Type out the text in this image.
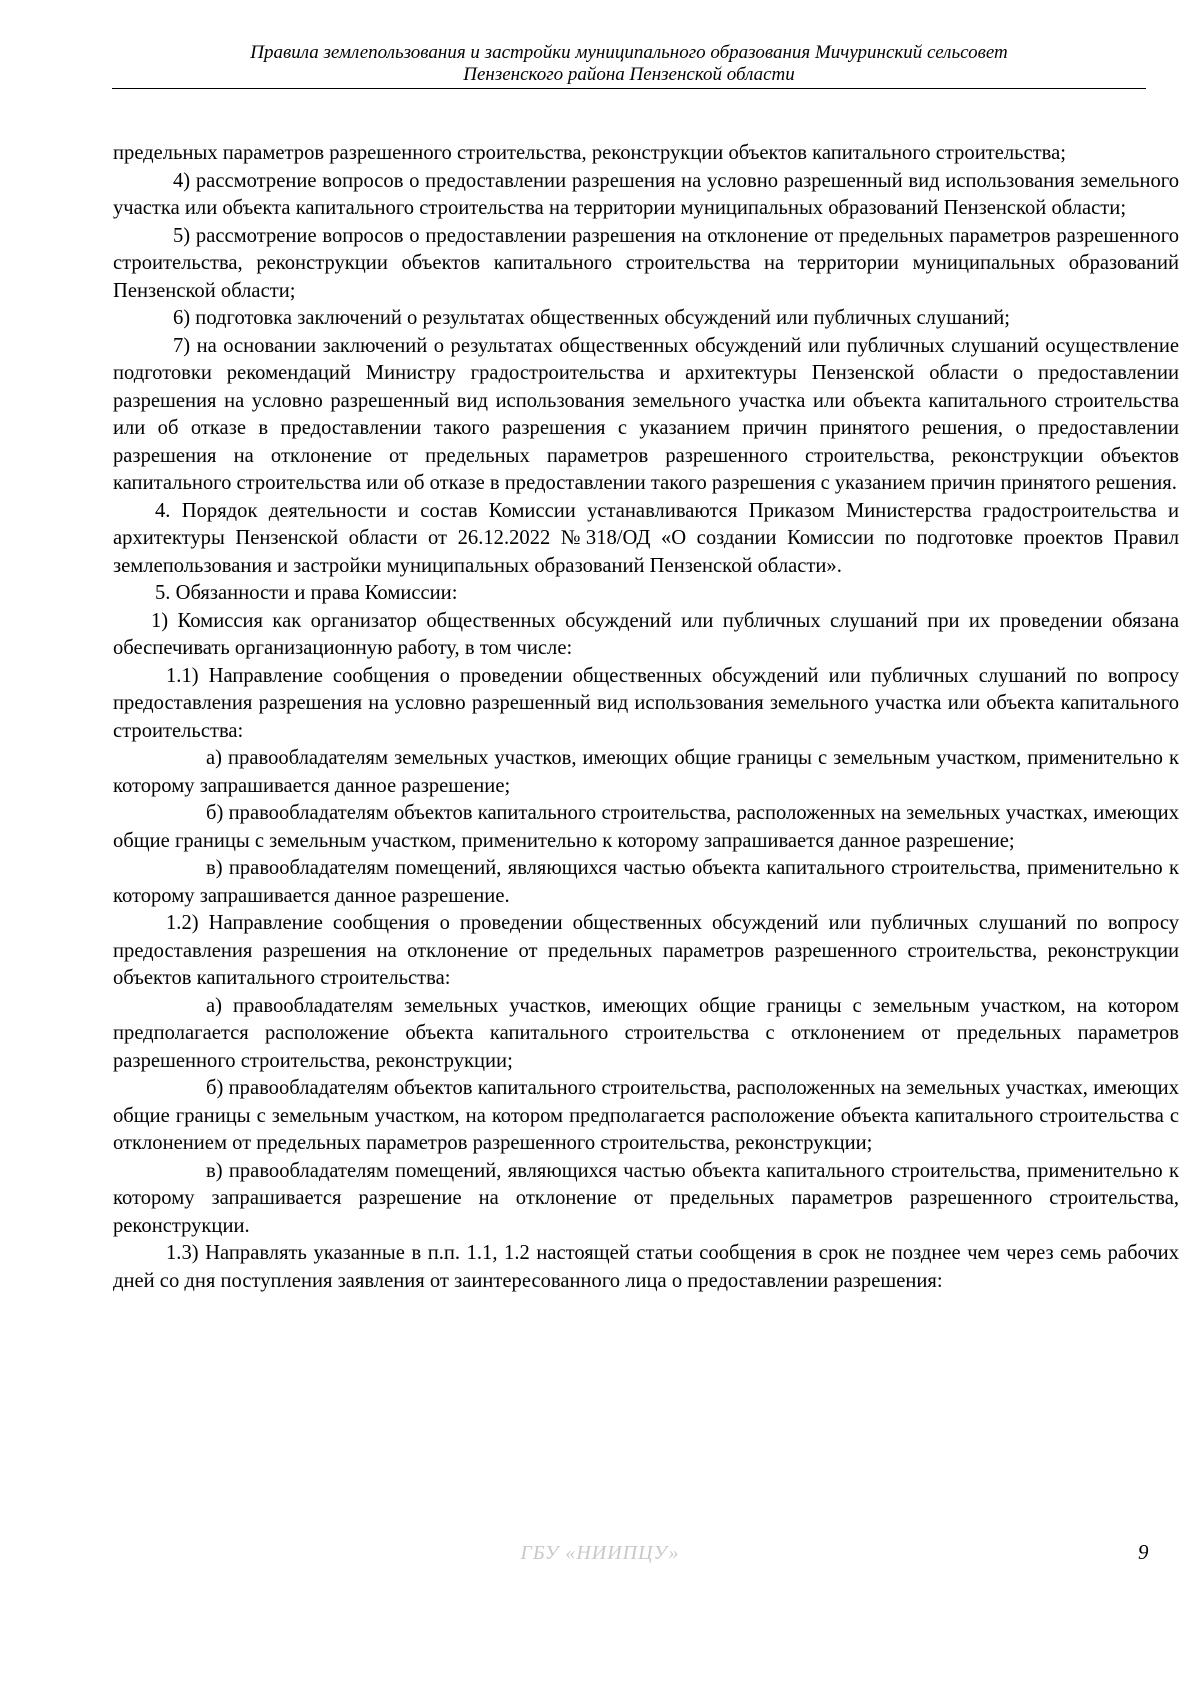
Правила землепользования и застройки муниципального образования Мичуринский сельсовет
Пензенского района Пензенской области

предельных параметров разрешенного строительства, реконструкции объектов капитального строительства;

4) рассмотрение вопросов о предоставлении разрешения на условно разрешенный вид использования земельного участка или объекта капитального строительства на территории муниципальных образований Пензенской области;

5) рассмотрение вопросов о предоставлении разрешения на отклонение от предельных параметров разрешенного строительства, реконструкции объектов капитального строительства на территории муниципальных образований Пензенской области;

6) подготовка заключений о результатах общественных обсуждений или публичных слушаний;

7) на основании заключений о результатах общественных обсуждений или публичных слушаний осуществление подготовки рекомендаций Министру градостроительства и архитектуры Пензенской области о предоставлении разрешения на условно разрешенный вид использования земельного участка или объекта капитального строительства или об отказе в предоставлении такого разрешения с указанием причин принятого решения, о предоставлении разрешения на отклонение от предельных параметров разрешенного строительства, реконструкции объектов капитального строительства или об отказе в предоставлении такого разрешения с указанием причин принятого решения.

4. Порядок деятельности и состав Комиссии устанавливаются Приказом Министерства градостроительства и архитектуры Пензенской области от 26.12.2022 №318/ОД «О создании Комиссии по подготовке проектов Правил землепользования и застройки муниципальных образований Пензенской области».

5. Обязанности и права Комиссии:

1) Комиссия как организатор общественных обсуждений или публичных слушаний при их проведении обязана обеспечивать организационную работу, в том числе:

1.1) Направление сообщения о проведении общественных обсуждений или публичных слушаний по вопросу предоставления разрешения на условно разрешенный вид использования земельного участка или объекта капитального строительства:

а) правообладателям земельных участков, имеющих общие границы с земельным участком, применительно к которому запрашивается данное разрешение;

б) правообладателям объектов капитального строительства, расположенных на земельных участках, имеющих общие границы с земельным участком, применительно к которому запрашивается данное разрешение;

в) правообладателям помещений, являющихся частью объекта капитального строительства, применительно к которому запрашивается данное разрешение.

1.2) Направление сообщения о проведении общественных обсуждений или публичных слушаний по вопросу предоставления разрешения на отклонение от предельных параметров разрешенного строительства, реконструкции объектов капитального строительства:

а) правообладателям земельных участков, имеющих общие границы с земельным участком, на котором предполагается расположение объекта капитального строительства с отклонением от предельных параметров разрешенного строительства, реконструкции;

б) правообладателям объектов капитального строительства, расположенных на земельных участках, имеющих общие границы с земельным участком, на котором предполагается расположение объекта капитального строительства с отклонением от предельных параметров разрешенного строительства, реконструкции;

в) правообладателям помещений, являющихся частью объекта капитального строительства, применительно к которому запрашивается разрешение на отклонение от предельных параметров разрешенного строительства, реконструкции.

1.3) Направлять указанные в п.п. 1.1, 1.2 настоящей статьи сообщения в срок не позднее чем через семь рабочих дней со дня поступления заявления от заинтересованного лица о предоставлении разрешения:

ГБУ «НИИПЦУ»	9
